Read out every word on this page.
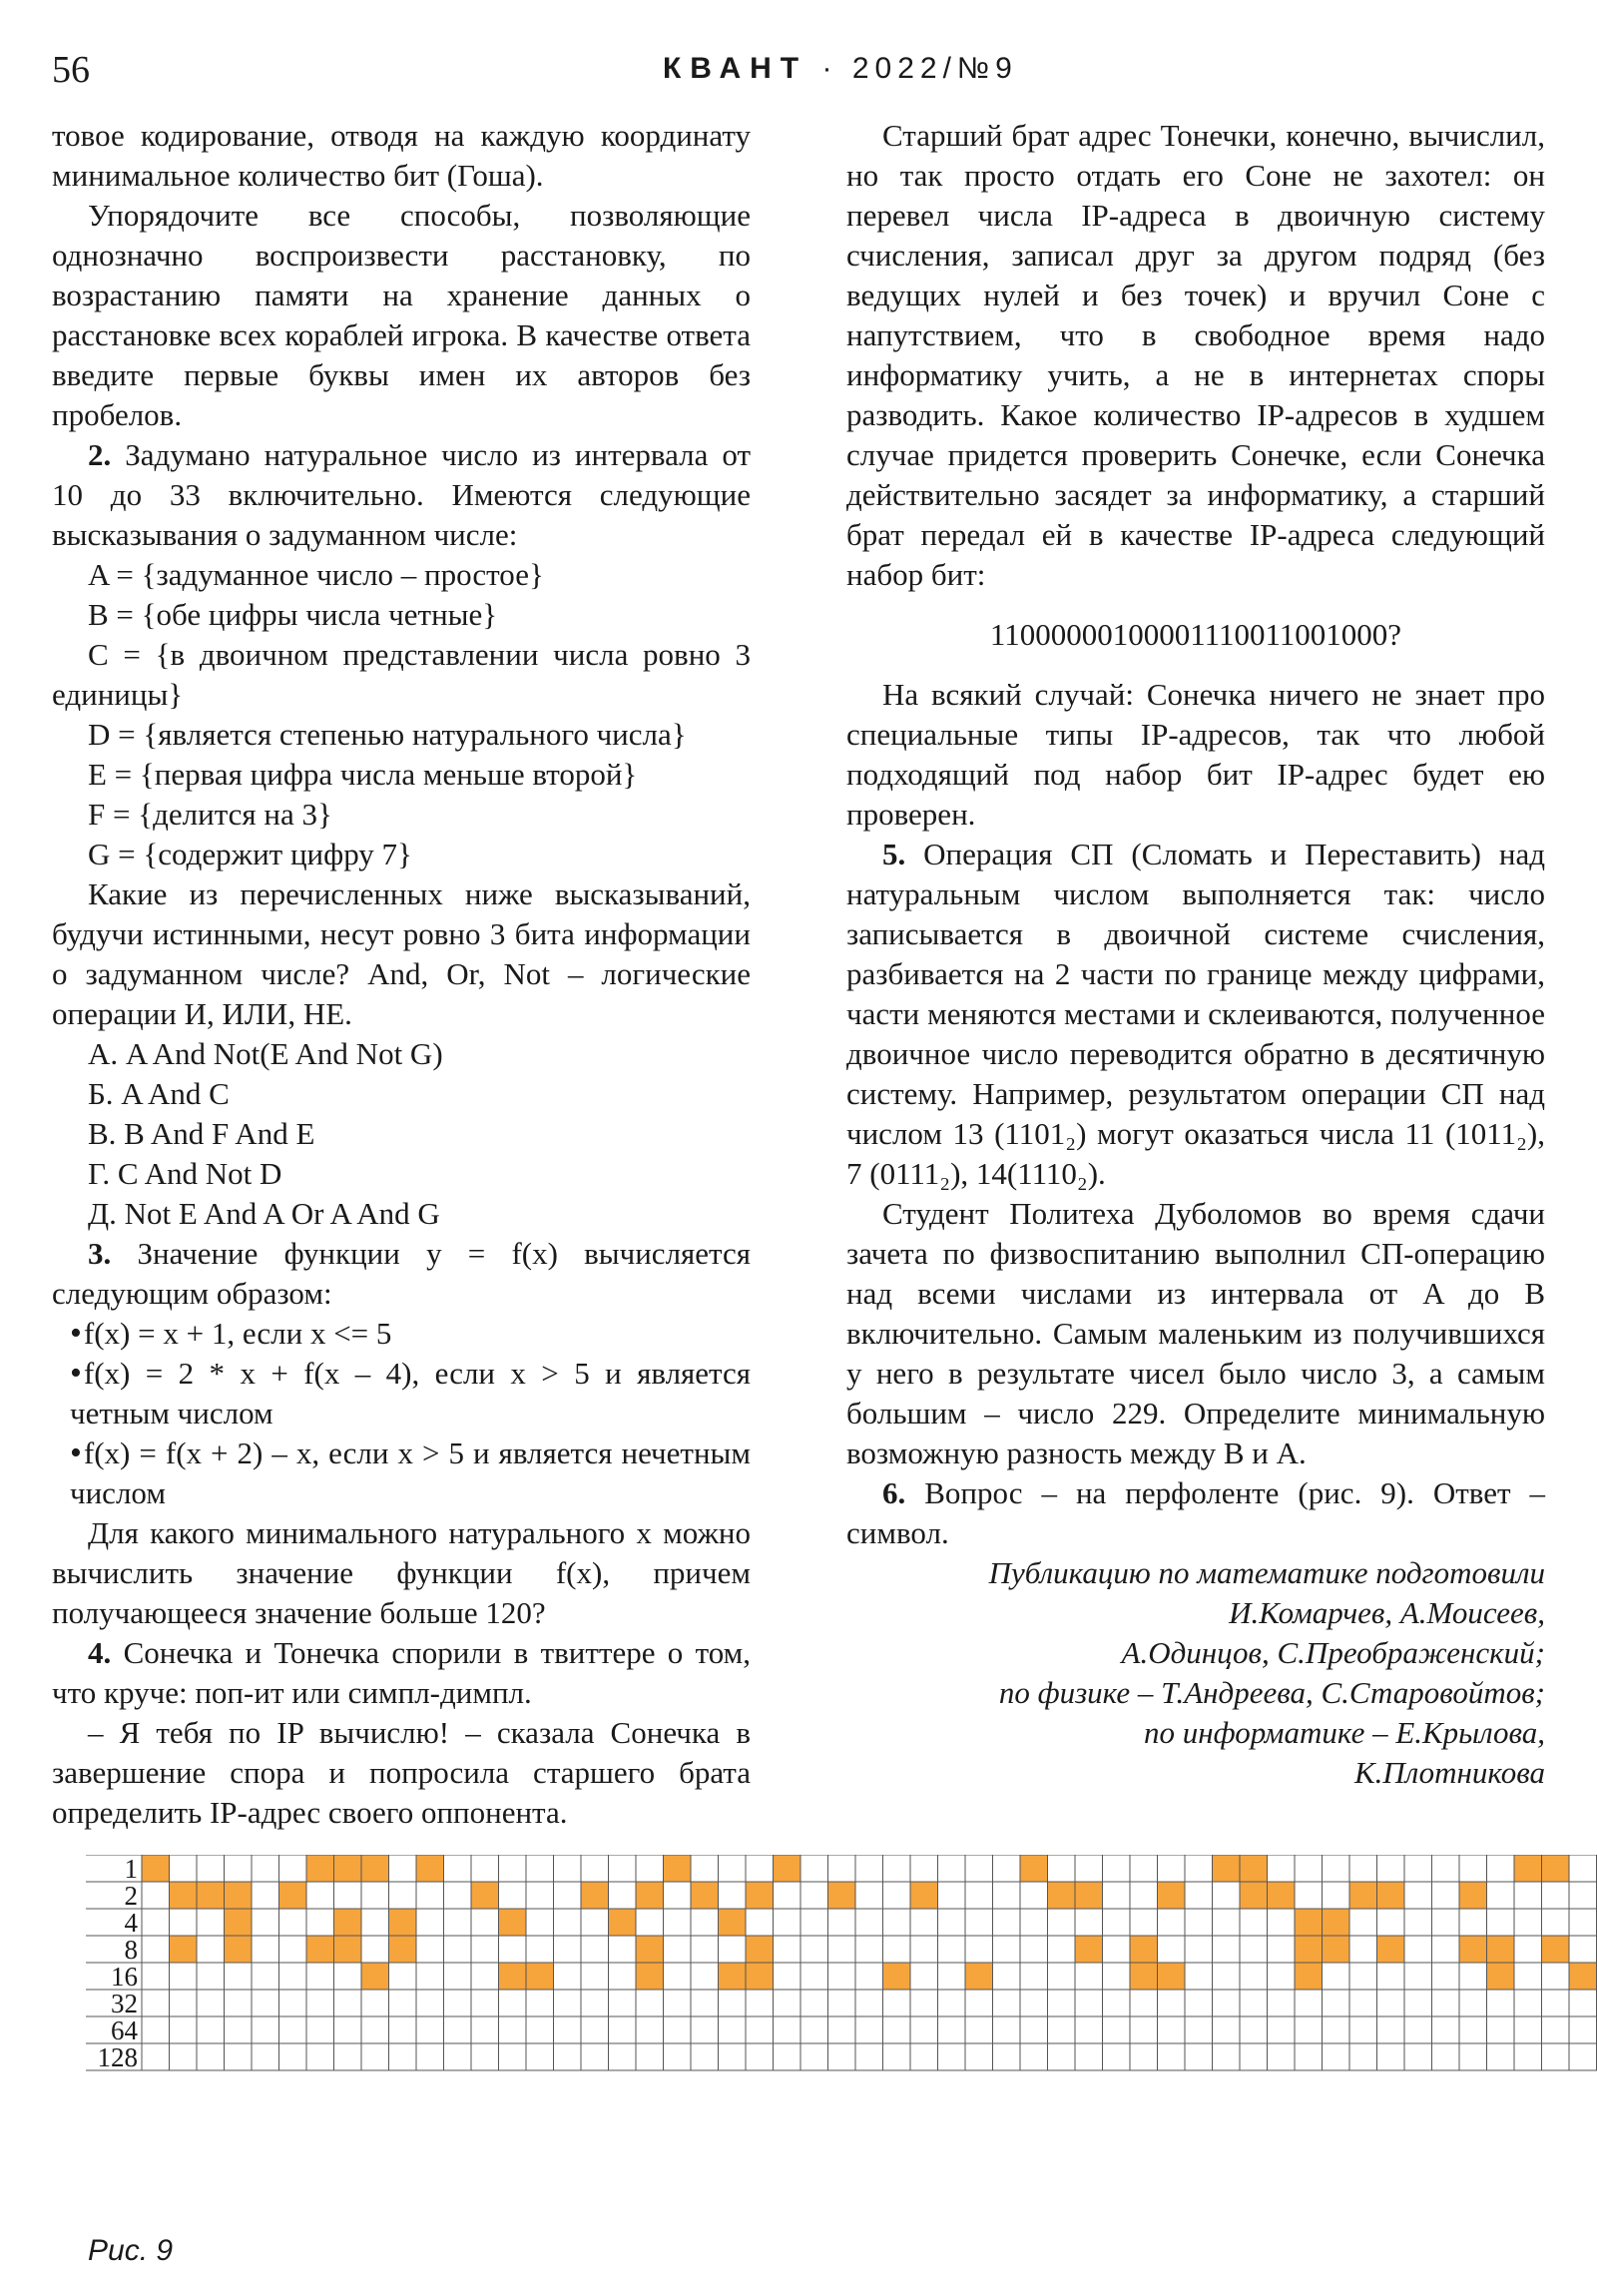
56	КВАНТ · 2022/№9

товое кодирование, отводя на каждую координату минимальное количество бит (Гоша).

Упорядочите все способы, позволяющие однозначно воспроизвести расстановку, по возрастанию памяти на хранение данных о расстановке всех кораблей игрока. В качестве ответа введите первые буквы имен их авторов без пробелов.

2. Задумано натуральное число из интервала от 10 до 33 включительно. Имеются следующие высказывания о задуманном числе:

A = {задуманное число – простое}

B = {обе цифры числа четные}

C = {в двоичном представлении числа ровно 3 единицы}

D = {является степенью натурального числа}

E = {первая цифра числа меньше второй}

F = {делится на 3}

G = {содержит цифру 7}

Какие из перечисленных ниже высказываний, будучи истинными, несут ровно 3 бита информации о задуманном числе? And, Or, Not – логические операции И, ИЛИ, НЕ.

А. A And Not(E And Not G)

Б. A And C

В. B And F And E

Г. C And Not D

Д. Not E And A Or A And G

3. Значение функции y = f(x) вычисляется следующим образом:

• f(x) = x + 1, если x <= 5

• f(x) = 2 * x + f(x – 4), если x > 5 и является четным числом

• f(x) = f(x + 2) – x, если x > 5 и является нечетным числом

Для какого минимального натурального x можно вычислить значение функции f(x), причем получающееся значение больше 120?

4. Сонечка и Тонечка спорили в твиттере о том, что круче: поп-ит или симпл-димпл.

– Я тебя по IP вычислю! – сказала Сонечка в завершение спора и попросила старшего брата определить IP-адрес своего оппонента.

Старший брат адрес Тонечки, конечно, вычислил, но так просто отдать его Соне не захотел: он перевел числа IP-адреса в двоичную систему счисления, записал друг за другом подряд (без ведущих нулей и без точек) и вручил Соне с напутствием, что в свободное время надо информатику учить, а не в интернетах споры разводить. Какое количество IP-адресов в худшем случае придется проверить Сонечке, если Сонечка действительно засядет за информатику, а старший брат передал ей в качестве IP-адреса следующий набор бит:

11000000100001110011001000?

На всякий случай: Сонечка ничего не знает про специальные типы IP-адресов, так что любой подходящий под набор бит IP-адрес будет ею проверен.

5. Операция СП (Сломать и Переставить) над натуральным числом выполняется так: число записывается в двоичной системе счисления, разбивается на 2 части по границе между цифрами, части меняются местами и склеиваются, полученное двоичное число переводится обратно в десятичную систему. Например, результатом операции СП над числом 13 (1101₂) могут оказаться числа 11 (1011₂), 7 (0111₂), 14(1110₂).

Студент Политеха Дуболомов во время сдачи зачета по физвоспитанию выполнил СП-операцию над всеми числами из интервала от A до B включительно. Самым маленьким из получившихся у него в результате чисел было число 3, а самым большим – число 229. Определите минимальную возможную разность между B и A.

6. Вопрос – на перфоленте (рис. 9). Ответ – символ.

Публикацию по математике подготовили
И.Комарчев, А.Моисеев,
А.Одинцов, С.Преображенский;
по физике – Т.Андреева, С.Старовойтов;
по информатике – Е.Крылова,
К.Плотникова

1
2
4
8
16
32
64
128
Рис. 9
